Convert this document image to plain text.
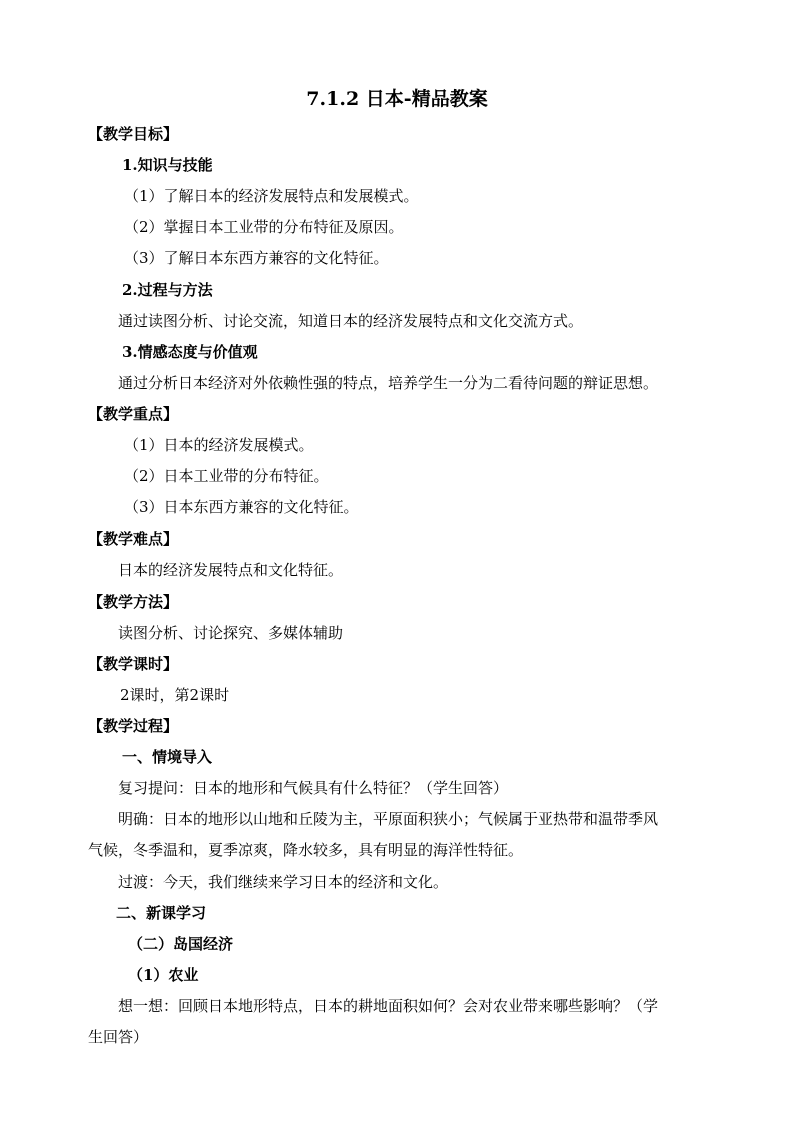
7.1.2 日本-精品教案
【教学目标】
1.知识与技能
（1）了解日本的经济发展特点和发展模式。
（2）掌握日本工业带的分布特征及原因。
（3）了解日本东西方兼容的文化特征。
2.过程与方法
通过读图分析、讨论交流，知道日本的经济发展特点和文化交流方式。
3.情感态度与价值观
通过分析日本经济对外依赖性强的特点，培养学生一分为二看待问题的辩证思想。
【教学重点】
（1）日本的经济发展模式。
（2）日本工业带的分布特征。
（3）日本东西方兼容的文化特征。
【教学难点】
日本的经济发展特点和文化特征。
【教学方法】
读图分析、讨论探究、多媒体辅助
【教学课时】
2课时，第2课时
【教学过程】
一、情境导入
复习提问：日本的地形和气候具有什么特征？（学生回答）
明确：日本的地形以山地和丘陵为主，平原面积狭小；气候属于亚热带和温带季风
气候，冬季温和，夏季凉爽，降水较多，具有明显的海洋性特征。
过渡：今天，我们继续来学习日本的经济和文化。
二、新课学习
（二）岛国经济
（1）农业
想一想：回顾日本地形特点，日本的耕地面积如何？会对农业带来哪些影响？（学
生回答）
